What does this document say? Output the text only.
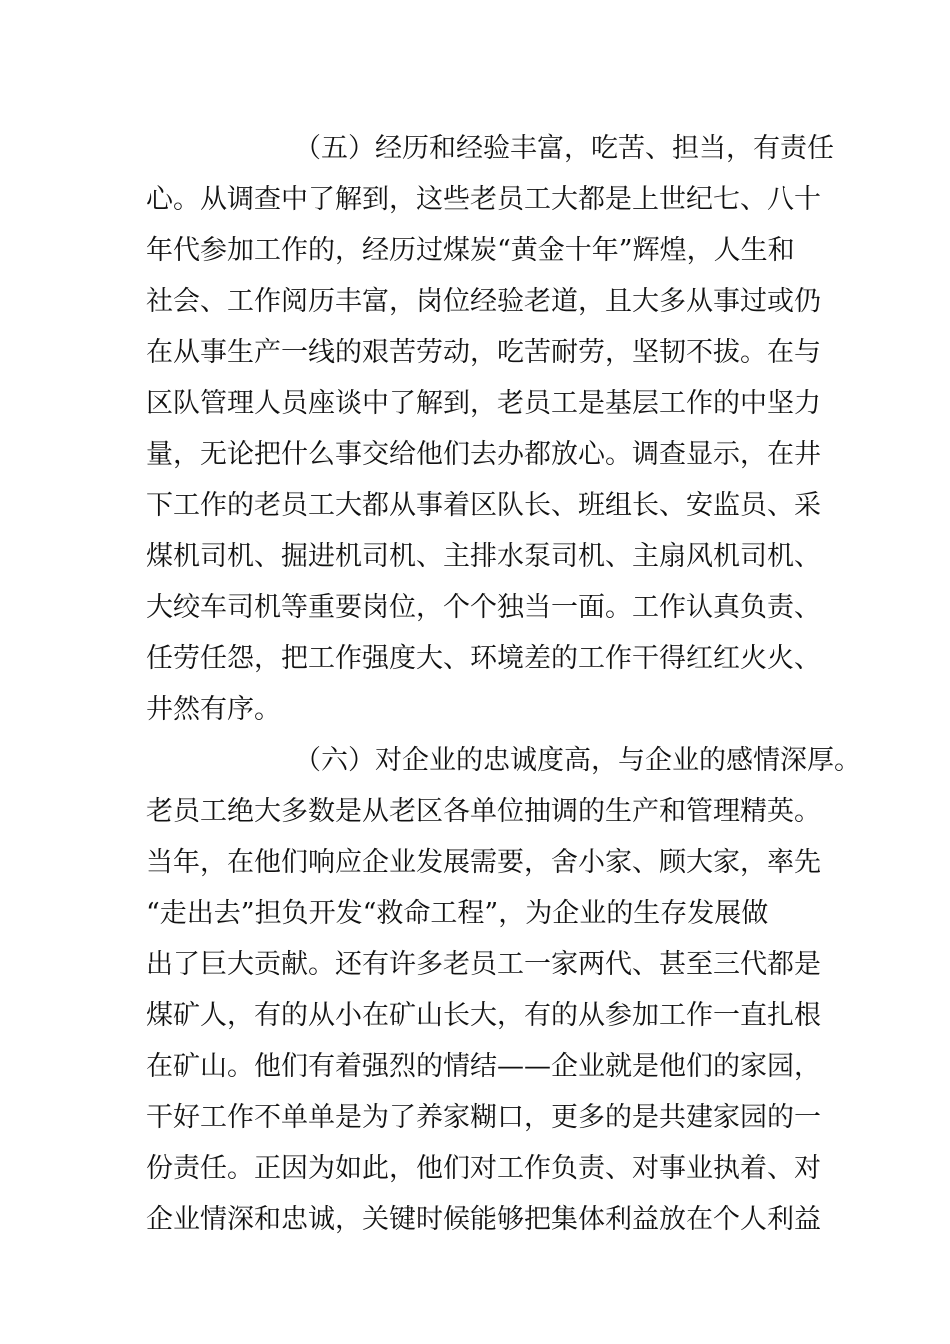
（五）经历和经验丰富，吃苦、担当，有责任
心。从调查中了解到，这些老员工大都是上世纪七、八十
年代参加工作的，经历过煤炭“黄金十年”辉煌，人生和
社会、工作阅历丰富，岗位经验老道，且大多从事过或仍
在从事生产一线的艰苦劳动，吃苦耐劳，坚韧不拔。在与
区队管理人员座谈中了解到，老员工是基层工作的中坚力
量，无论把什么事交给他们去办都放心。调查显示，在井
下工作的老员工大都从事着区队长、班组长、安监员、采
煤机司机、掘进机司机、主排水泵司机、主扇风机司机、
大绞车司机等重要岗位，个个独当一面。工作认真负责、
任劳任怨，把工作强度大、环境差的工作干得红红火火、
井然有序。
（六）对企业的忠诚度高，与企业的感情深厚。
老员工绝大多数是从老区各单位抽调的生产和管理精英。
当年，在他们响应企业发展需要，舍小家、顾大家，率先
“走出去”担负开发“救命工程”，为企业的生存发展做
出了巨大贡献。还有许多老员工一家两代、甚至三代都是
煤矿人，有的从小在矿山长大，有的从参加工作一直扎根
在矿山。他们有着强烈的情结——企业就是他们的家园，
干好工作不单单是为了养家糊口，更多的是共建家园的一
份责任。正因为如此，他们对工作负责、对事业执着、对
企业情深和忠诚，关键时候能够把集体利益放在个人利益
